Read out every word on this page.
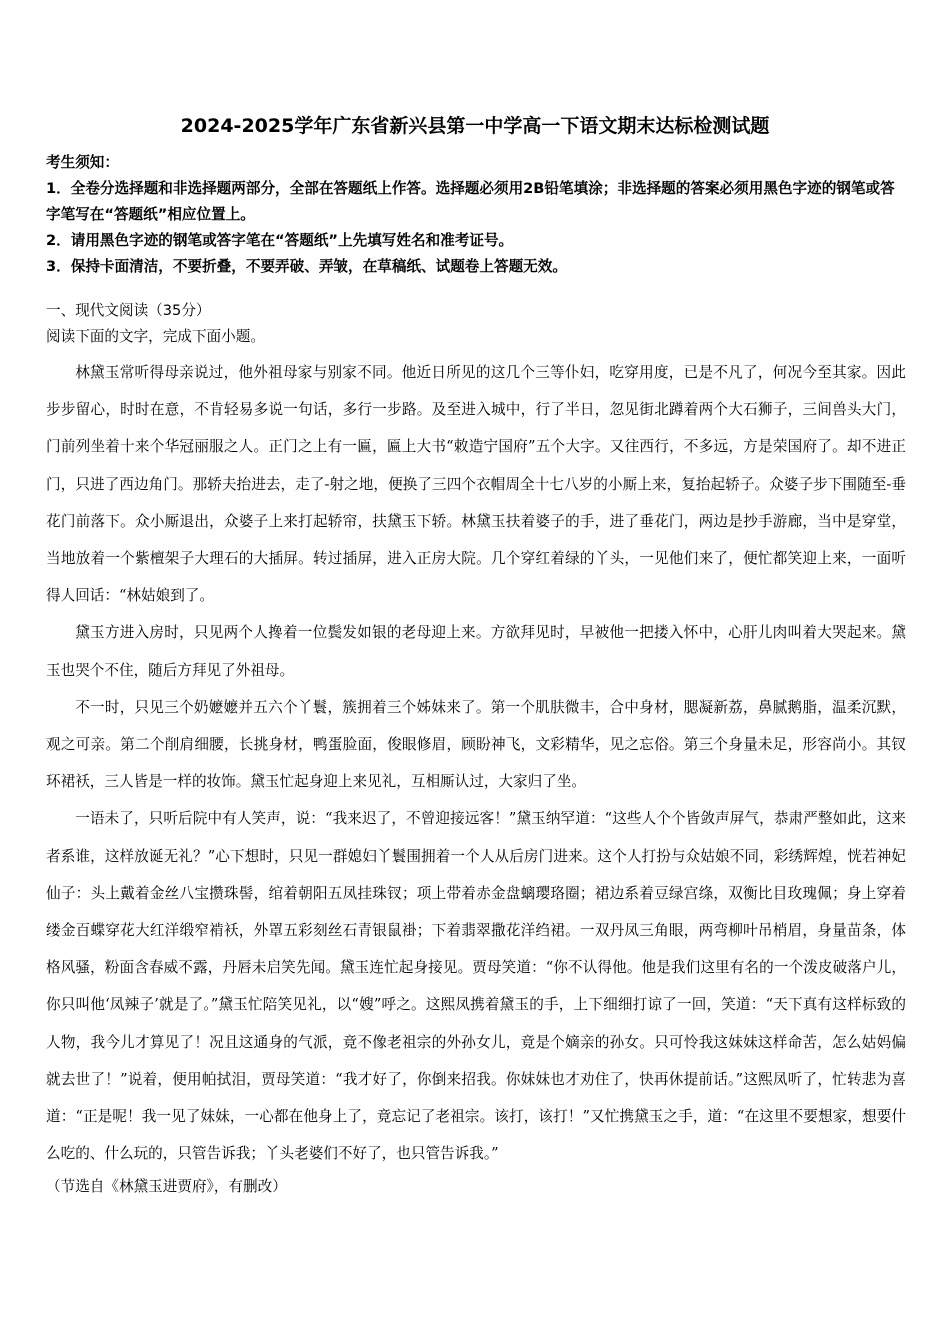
2024-2025学年广东省新兴县第一中学高一下语文期末达标检测试题

考生须知：

1．全卷分选择题和非选择题两部分，全部在答题纸上作答。选择题必须用2B铅笔填涂；非选择题的答案必须用黑色字迹的钢笔或答字笔写在“答题纸”相应位置上。

2．请用黑色字迹的钢笔或答字笔在“答题纸”上先填写姓名和准考证号。

3．保持卡面清洁，不要折叠，不要弄破、弄皱，在草稿纸、试题卷上答题无效。

一、现代文阅读（35分）

阅读下面的文字，完成下面小题。

林黛玉常听得母亲说过，他外祖母家与别家不同。他近日所见的这几个三等仆妇，吃穿用度，已是不凡了，何况今至其家。因此步步留心，时时在意，不肯轻易多说一句话，多行一步路。及至进入城中，行了半日，忽见街北蹲着两个大石狮子，三间兽头大门，门前列坐着十来个华冠丽服之人。正门之上有一匾，匾上大书“敕造宁国府”五个大字。又往西行，不多远，方是荣国府了。却不进正门，只进了西边角门。那轿夫抬进去，走了-射之地，便换了三四个衣帽周全十七八岁的小厮上来，复抬起轿子。众婆子步下围随至-垂花门前落下。众小厮退出，众婆子上来打起轿帘，扶黛玉下轿。林黛玉扶着婆子的手，进了垂花门，两边是抄手游廊，当中是穿堂，当地放着一个紫檀架子大理石的大插屏。转过插屏，进入正房大院。几个穿红着绿的丫头，一见他们来了，便忙都笑迎上来，一面听得人回话：“林姑娘到了。

黛玉方进入房时，只见两个人搀着一位鬓发如银的老母迎上来。方欲拜见时，早被他一把搂入怀中，心肝儿肉叫着大哭起来。黛玉也哭个不住，随后方拜见了外祖母。

不一时，只见三个奶嬷嬷并五六个丫鬟，簇拥着三个姊妹来了。第一个肌肤微丰，合中身材，腮凝新荔，鼻腻鹅脂，温柔沉默，观之可亲。第二个削肩细腰，长挑身材，鸭蛋脸面，俊眼修眉，顾盼神飞，文彩精华，见之忘俗。第三个身量未足，形容尚小。其钗环裙袄，三人皆是一样的妆饰。黛玉忙起身迎上来见礼，互相厮认过，大家归了坐。

一语未了，只听后院中有人笑声，说：“我来迟了，不曾迎接远客！”黛玉纳罕道：“这些人个个皆敛声屏气，恭肃严整如此，这来者系谁，这样放诞无礼？”心下想时，只见一群媳妇丫鬟围拥着一个人从后房门进来。这个人打扮与众姑娘不同，彩绣辉煌，恍若神妃仙子：头上戴着金丝八宝攒珠髻，绾着朝阳五凤挂珠钗；项上带着赤金盘螭璎珞圈；裙边系着豆绿宫绦，双衡比目玫瑰佩；身上穿着缕金百蝶穿花大红洋缎窄褃袄，外罩五彩刻丝石青银鼠褂；下着翡翠撒花洋绉裙。一双丹凤三角眼，两弯柳叶吊梢眉，身量苗条，体格风骚，粉面含春威不露，丹唇未启笑先闻。黛玉连忙起身接见。贾母笑道：“你不认得他。他是我们这里有名的一个泼皮破落户儿，你只叫他‘凤辣子’就是了。”黛玉忙陪笑见礼，以“嫂”呼之。这熙凤携着黛玉的手，上下细细打谅了一回，笑道：“天下真有这样标致的人物，我今儿才算见了！况且这通身的气派，竟不像老祖宗的外孙女儿，竟是个嫡亲的孙女。只可怜我这妹妹这样命苦，怎么姑妈偏就去世了！”说着，便用帕拭泪，贾母笑道：“我才好了，你倒来招我。你妹妹也才劝住了，快再休提前话。”这熙凤听了，忙转悲为喜道：“正是呢！我一见了妹妹，一心都在他身上了，竟忘记了老祖宗。该打，该打！”又忙携黛玉之手，道：“在这里不要想家，想要什么吃的、什么玩的，只管告诉我；丫头老婆们不好了，也只管告诉我。”

（节选自《林黛玉进贾府》，有删改）
